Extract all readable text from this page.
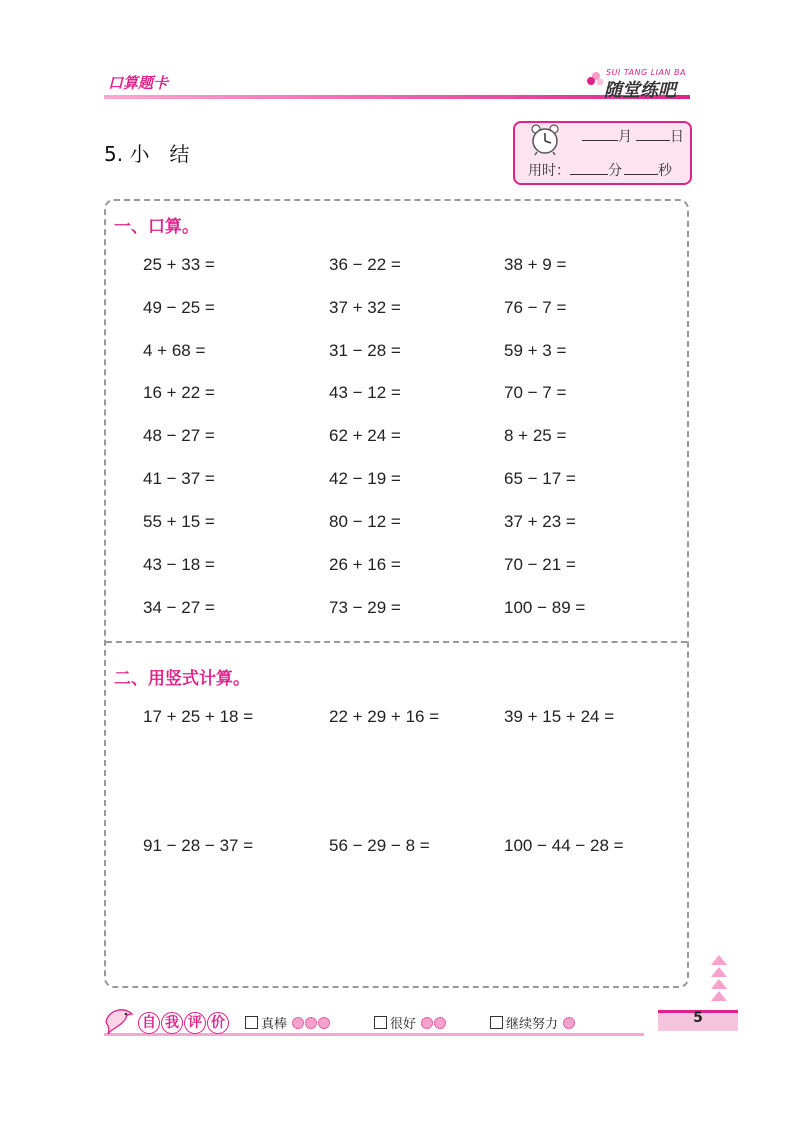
口算题卡
SUI TANG LIAN BA
随堂练吧
5. 小　结
月	日
用时：	分	秒
一、口算。
25 + 33 =	36 − 22 =	38 + 9 =
49 − 25 =	37 + 32 =	76 − 7 =
4 + 68 =	31 − 28 =	59 + 3 =
16 + 22 =	43 − 12 =	70 − 7 =
48 − 27 =	62 + 24 =	8 + 25 =
41 − 37 =	42 − 19 =	65 − 17 =
55 + 15 =	80 − 12 =	37 + 23 =
43 − 18 =	26 + 16 =	70 − 21 =
34 − 27 =	73 − 29 =	100 − 89 =
二、用竖式计算。
17 + 25 + 18 =	22 + 29 + 16 =	39 + 15 + 24 =
91 − 28 − 37 =	56 − 29 − 8 =	100 − 44 − 28 =
5
自 我 评 价	真棒	很好	继续努力
